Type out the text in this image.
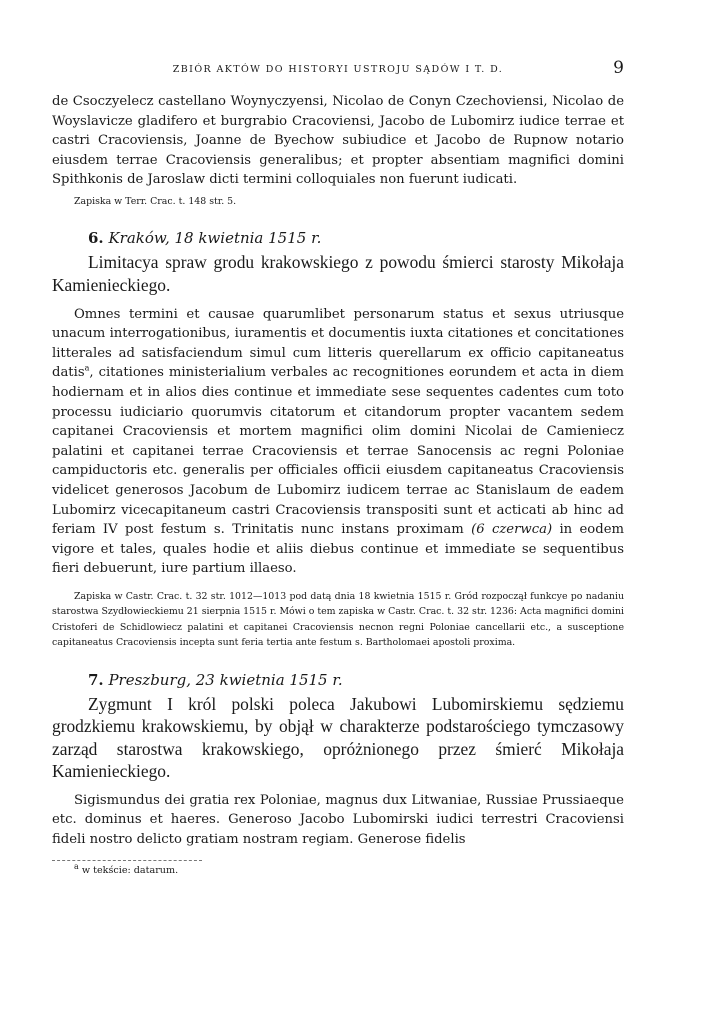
ZBIÓR AKTÓW DO HISTORYI USTROJU SĄDÓW I T. D.	9

de Csoczyelecz castellano Woynyczyensi, Nicolao de Conyn Czechoviensi, Nicolao de Woyslavicze gladifero et burgrabio Cracoviensi, Jacobo de Lubomirz iudice terrae et castri Cracoviensis, Joanne de Byechow subiudice et Jacobo de Rupnow notario eiusdem terrae Cracoviensis generalibus; et propter absentiam magnifici domini Spithkonis de Jaroslaw dicti termini colloquiales non fuerunt iudicati.

Zapiska w Terr. Crac. t. 148 str. 5.

6. Kraków, 18 kwietnia 1515 r.

Limitacya spraw grodu krakowskiego z powodu śmierci starosty Mikołaja Kamienieckiego.

Omnes termini et causae quarumlibet personarum status et sexus utriusque unacum interrogationibus, iuramentis et documentis iuxta citationes et concitationes litterales ad satisfaciendum simul cum litteris querellarum ex officio capitaneatus datis$^a$, citationes ministerialium verbales ac recognitiones eorundem et acta in diem hodiernam et in alios dies continue et immediate sese sequentes cadentes cum toto processu iudiciario quorumvis citatorum et citandorum propter vacantem sedem capitanei Cracoviensis et mortem magnifici olim domini Nicolai de Camieniecz palatini et capitanei terrae Cracoviensis et terrae Sanocensis ac regni Poloniae campiductoris etc. generalis per officiales officii eiusdem capitaneatus Cracoviensis videlicet generosos Jacobum de Lubomirz iudicem terrae ac Stanislaum de eadem Lubomirz vicecapitaneum castri Cracoviensis transpositi sunt et acticati ab hinc ad feriam IV post festum s. Trinitatis nunc instans proximam (6 czerwca) in eodem vigore et tales, quales hodie et aliis diebus continue et immediate se sequentibus fieri debuerunt, iure partium illaeso.

Zapiska w Castr. Crac. t. 32 str. 1012—1013 pod datą dnia 18 kwietnia 1515 r. Gród rozpoczął funkcye po nadaniu starostwa Szydłowieckiemu 21 sierpnia 1515 r. Mówi o tem zapiska w Castr. Crac. t. 32 str. 1236: Acta magnifici domini Cristoferi de Schidlowiecz palatini et capitanei Cracoviensis necnon regni Poloniae cancellarii etc., a susceptione capitaneatus Cracoviensis incepta sunt feria tertia ante festum s. Bartholomaei apostoli proxima.

7. Preszburg, 23 kwietnia 1515 r.

Zygmunt I król polski poleca Jakubowi Lubomirskiemu sędziemu grodzkiemu krakowskiemu, by objął w charakterze podstarościego tymczasowy zarząd starostwa krakowskiego, opróżnionego przez śmierć Mikołaja Kamienieckiego.

Sigismundus dei gratia rex Poloniae, magnus dux Litwaniae, Russiae Prussiaeque etc. dominus et haeres. Generoso Jacobo Lubomirski iudici terrestri Cracoviensi fideli nostro delicto gratiam nostram regiam. Generose fidelis

$^a$ w tekście: datarum.
